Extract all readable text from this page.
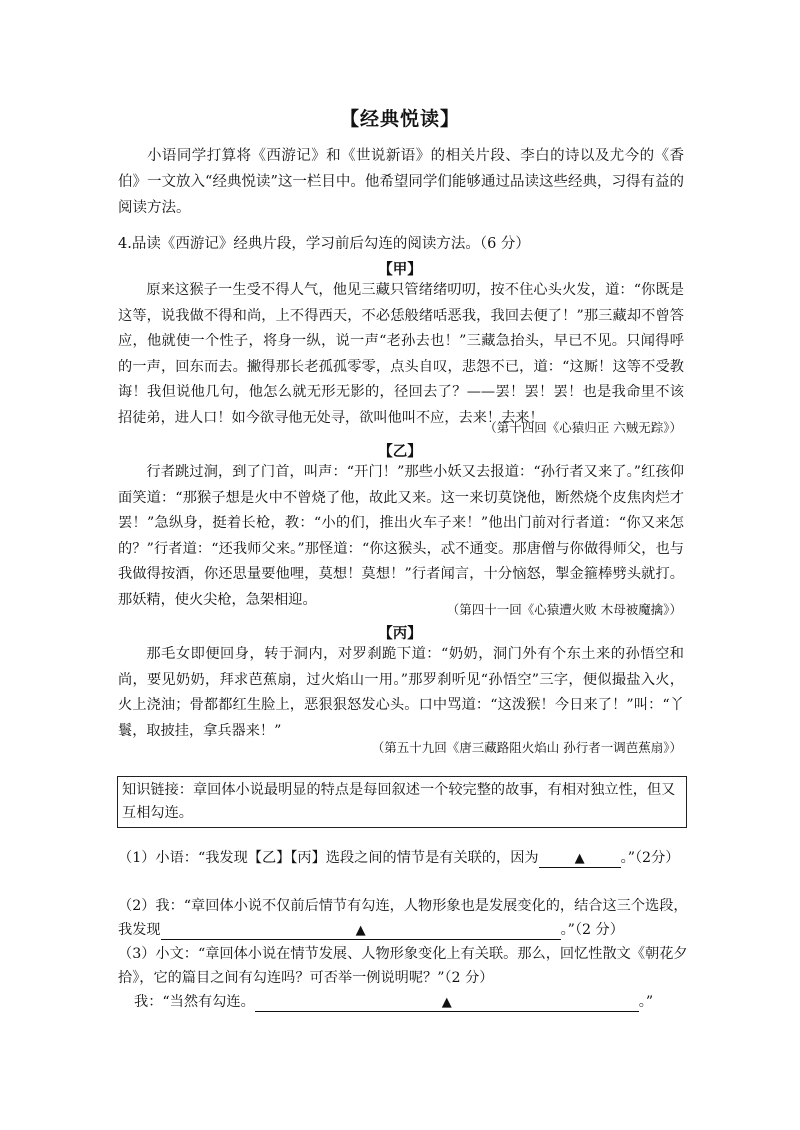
【经典悦读】
小语同学打算将《西游记》和《世说新语》的相关片段、李白的诗以及尤今的《香伯》一文放入“经典悦读”这一栏目中。他希望同学们能够通过品读这些经典，习得有益的阅读方法。
4.品读《西游记》经典片段，学习前后勾连的阅读方法。（6 分）
【甲】
原来这猴子一生受不得人气，他见三藏只管绪绪叨叨，按不住心头火发，道：“你既是这等，说我做不得和尚，上不得西天，不必恁般绪咶恶我，我回去便了！”那三藏却不曾答应，他就使一个性子，将身一纵，说一声“老孙去也！”三藏急抬头，早已不见。只闻得呼的一声，回东而去。撇得那长老孤孤零零，点头自叹，悲怨不已，道：“这厮！这等不受教诲！我但说他几句，他怎么就无形无影的，径回去了？——罢！罢！罢！也是我命里不该招徒弟，进人口！如今欲寻他无处寻，欲叫他叫不应，去来！去来！
（第十四回《心猿归正 六贼无踪》）
【乙】
行者跳过涧，到了门首，叫声：“开门！”那些小妖又去报道：“孙行者又来了。”红孩仰面笑道：“那猴子想是火中不曾烧了他，故此又来。这一来切莫饶他，断然烧个皮焦肉烂才罢！”急纵身，挺着长枪，教：“小的们，推出火车子来！”他出门前对行者道：“你又来怎的？”行者道：“还我师父来。”那怪道：“你这猴头，忒不通变。那唐僧与你做得师父，也与我做得按酒，你还思量要他哩，莫想！莫想！”行者闻言，十分恼怒，掣金箍棒劈头就打。那妖精，使火尖枪，急架相迎。
（第四十一回《心猿遭火败 木母被魔擒》）
【丙】
那毛女即便回身，转于洞内，对罗刹跪下道：“奶奶，洞门外有个东土来的孙悟空和尚，要见奶奶，拜求芭蕉扇，过火焰山一用。”那罗刹听见“孙悟空”三字，便似撮盐入火，火上浇油；骨都都红生脸上，恶狠狠怒发心头。口中骂道：“这泼猴！今日来了！”叫：“丫鬟，取披挂，拿兵器来！”
（第五十九回《唐三藏路阻火焰山 孙行者一调芭蕉扇》）
知识链接：章回体小说最明显的特点是每回叙述一个较完整的故事，有相对独立性，但又互相勾连。
（1）小语：“我发现【乙】【丙】选段之间的情节是有关联的，因为	▲	。”（2分）
（2）我：“章回体小说不仅前后情节有勾连，人物形象也是发展变化的，结合这三个选段，
我发现	▲	。”（2 分）
（3）小文：“章回体小说在情节发展、人物形象变化上有关联。那么，回忆性散文《朝花夕拾》，它的篇目之间有勾连吗？可否举一例说明呢？”（2 分）
我：“当然有勾连。	▲	。”
